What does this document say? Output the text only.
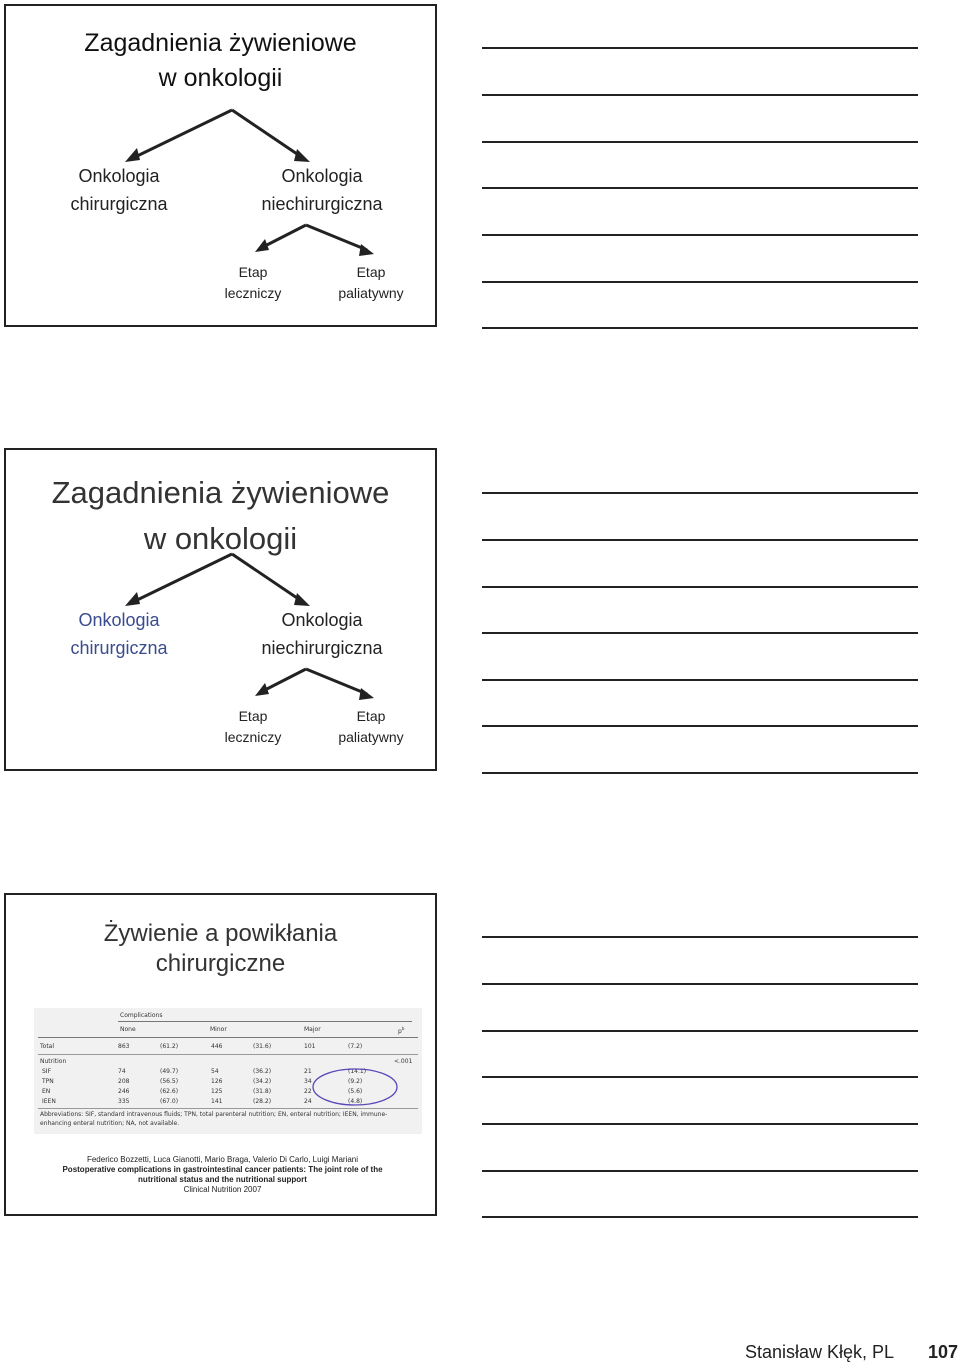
Zagadnienia żywieniowe
w onkologii
Onkologia
chirurgiczna
Onkologia
niechirurgiczna
Etap
leczniczy
Etap
paliatywny
Zagadnienia żywieniowe
w onkologii
Onkologia
chirurgiczna
Onkologia
niechirurgiczna
Etap
leczniczy
Etap
paliatywny
Żywienie a powikłania
chirurgiczne
Complications
None	Minor	Major	$p^b$
Total	863	(61.2)	446	(31.6)	101	(7.2)
Nutrition	<.001
SIF	74	(49.7)	54	(36.2)	21	(14.1)
TPN	208	(56.5)	126	(34.2)	34	(9.2)
EN	246	(62.6)	125	(31.8)	22	(5.6)
IEEN	335	(67.0)	141	(28.2)	24	(4.8)
Abbreviations: SIF, standard intravenous fluids; TPN, total parenteral nutrition; EN, enteral nutrition; IEEN, immune-enhancing enteral nutrition; NA, not available.
Federico Bozzetti, Luca Gianotti, Mario Braga, Valerio Di Carlo, Luigi Mariani
Postoperative complications in gastrointestinal cancer patients: The joint role of the
nutritional status and the nutritional support
Clinical Nutrition 2007
Stanisław Kłęk, PL 107
